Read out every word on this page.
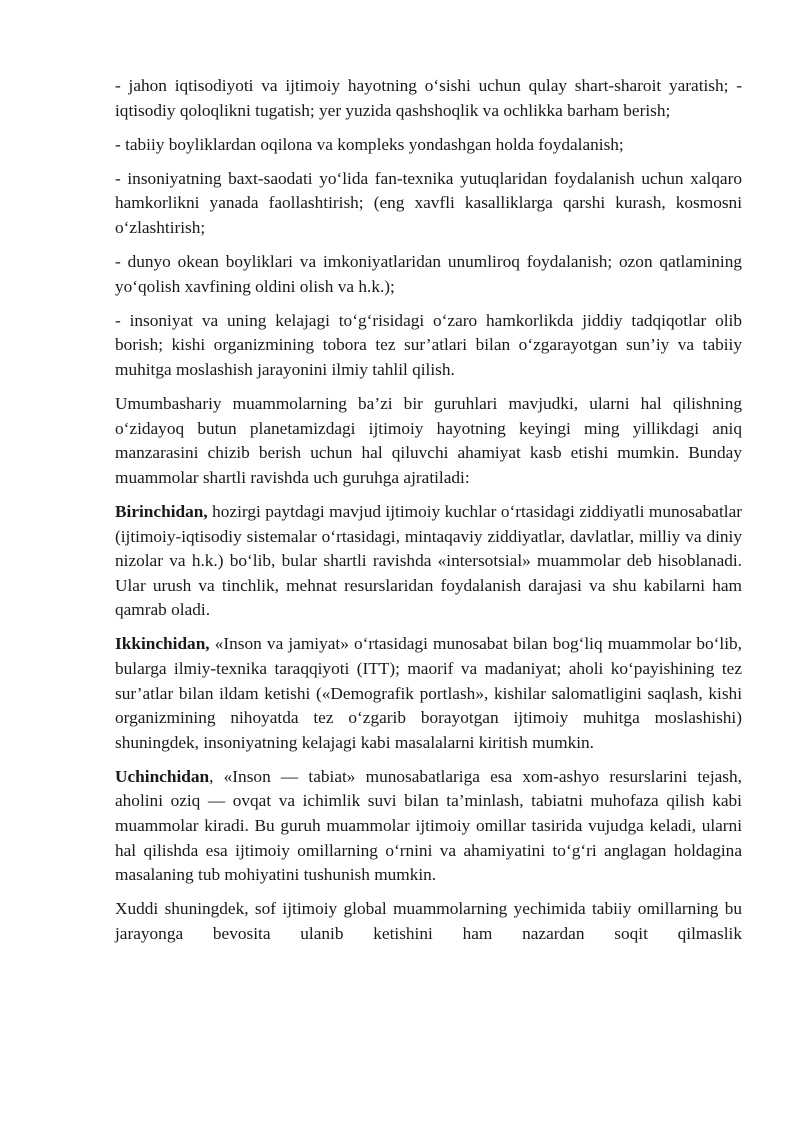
- jahon iqtisodiyoti va ijtimoiy hayotning o‘sishi uchun qulay shart-sharoit yaratish; - iqtisodiy qoloqlikni tugatish; yer yuzida qashshoqlik va ochlikka barham berish;

- tabiiy boyliklardan oqilona va kompleks yondashgan holda foydalanish;

- insoniyatning baxt-saodati yo‘lida fan-texnika yutuqlaridan foydalanish uchun xalqaro hamkorlikni yanada faollashtirish; (eng xavfli kasalliklarga qarshi kurash, kosmosni o‘zlashtirish;

- dunyo okean boyliklari va imkoniyatlaridan unumliroq foydalanish; ozon qatlamining yo‘qolish xavfining oldini olish va h.k.);

- insoniyat va uning kelajagi to‘g‘risidagi o‘zaro hamkorlikda jiddiy tadqiqotlar olib borish; kishi organizmining tobora tez sur’atlari bilan o‘zgarayotgan sun’iy va tabiiy muhitga moslashish jarayonini ilmiy tahlil qilish.

Umumbashariy muammolarning ba’zi bir guruhlari mavjudki, ularni hal qilishning o‘zidayoq butun planetamizdagi ijtimoiy hayotning keyingi ming yillikdagi aniq manzarasini chizib berish uchun hal qiluvchi ahamiyat kasb etishi mumkin. Bunday muammolar shartli ravishda uch guruhga ajratiladi:

Birinchidan, hozirgi paytdagi mavjud ijtimoiy kuchlar o‘rtasidagi ziddiyatli munosabatlar (ijtimoiy-iqtisodiy sistemalar o‘rtasidagi, mintaqaviy ziddiyatlar, davlatlar, milliy va diniy nizolar va h.k.) bo‘lib, bular shartli ravishda «intersotsial» muammolar deb hisoblanadi. Ular urush va tinchlik, mehnat resurslaridan foydalanish darajasi va shu kabilarni ham qamrab oladi.

Ikkinchidan, «Inson va jamiyat» o‘rtasidagi munosabat bilan bog‘liq muammolar bo‘lib, bularga ilmiy-texnika taraqqiyoti (ITT); maorif va madaniyat; aholi ko‘payishining tez sur’atlar bilan ildam ketishi («Demografik portlash», kishilar salomatligini saqlash, kishi organizmining nihoyatda tez o‘zgarib borayotgan ijtimoiy muhitga moslashishi) shuningdek, insoniyatning kelajagi kabi masalalarni kiritish mumkin.

Uchinchidan, «Inson — tabiat» munosabatlariga esa xom-ashyo resurslarini tejash, aholini oziq — ovqat va ichimlik suvi bilan ta’minlash, tabiatni muhofaza qilish kabi muammolar kiradi. Bu guruh muammolar ijtimoiy omillar tasirida vujudga keladi, ularni hal qilishda esa ijtimoiy omillarning o‘rnini va ahamiyatini to‘g‘ri anglagan holdagina masalaning tub mohiyatini tushunish mumkin.

Xuddi shuningdek, sof ijtimoiy global muammolarning yechimida tabiiy omillarning bu jarayonga bevosita ulanib ketishini ham nazardan soqit qilmaslik
